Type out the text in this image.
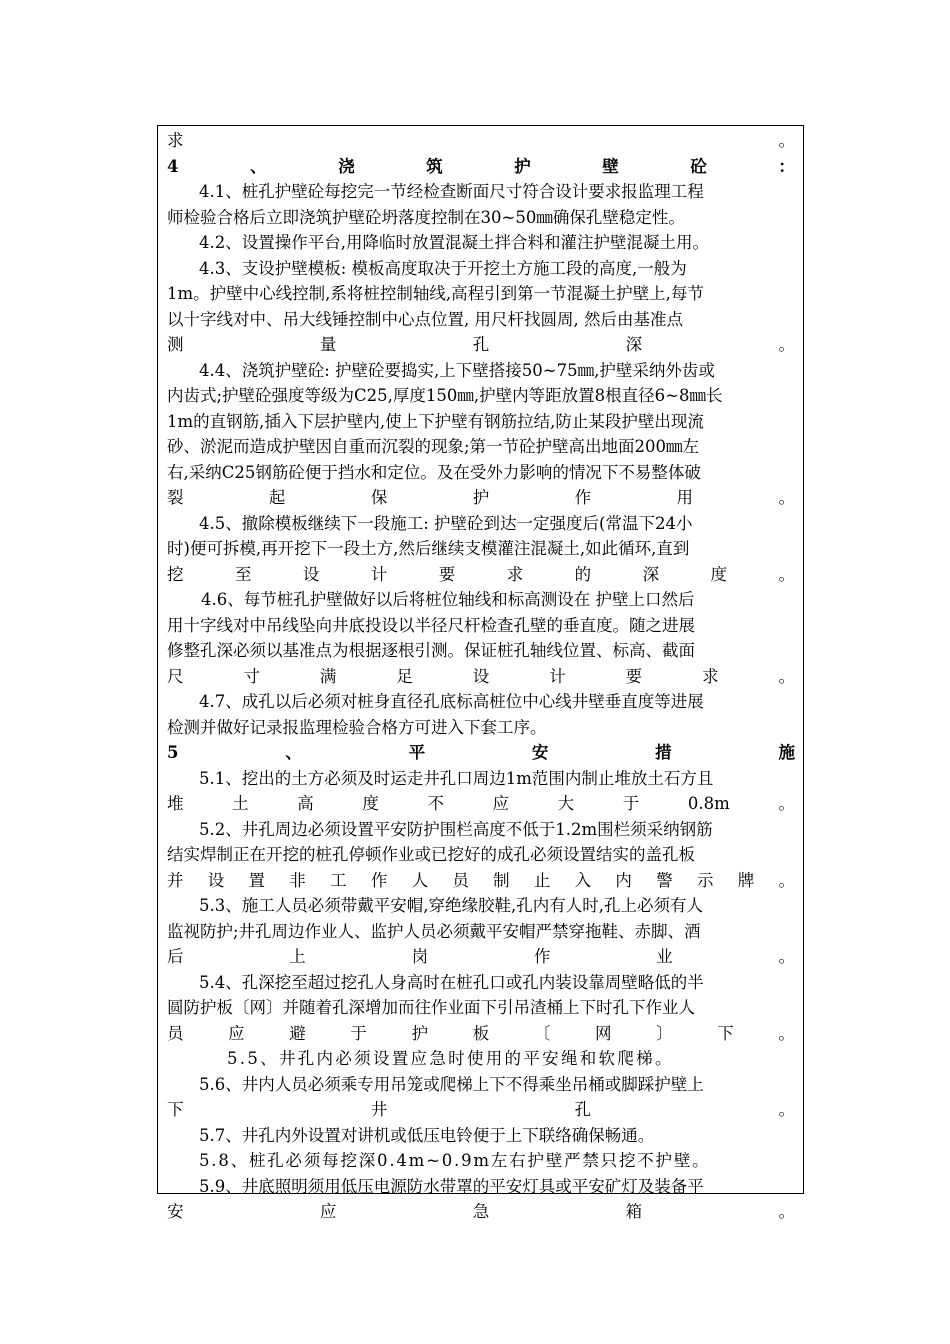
求	。
4	、	浇	筑	护	壁	砼	：
4.1、桩孔护壁砼每挖完一节经检查断面尺寸符合设计要求报监理工程
师检验合格后立即浇筑护壁砼坍落度控制在30~50㎜确保孔壁稳定性。
4.2、设置操作平台,用降临时放置混凝土拌合料和灌注护壁混凝土用。
4.3、支设护壁模板: 模板高度取决于开挖土方施工段的高度,一般为
1m。护壁中心线控制,系将桩控制轴线,高程引到第一节混凝土护壁上,每节
以十字线对中、吊大线锤控制中心点位置, 用尺杆找圆周, 然后由基准点
测	量	孔	深	。
4.4、浇筑护壁砼: 护壁砼要捣实,上下壁搭接50~75㎜,护壁采纳外齿或
内齿式;护壁砼强度等级为C25,厚度150㎜,护壁内等距放置8根直径6~8㎜长
1m的直钢筋,插入下层护壁内,使上下护壁有钢筋拉结,防止某段护壁出现流
砂、淤泥而造成护壁因自重而沉裂的现象;第一节砼护壁高出地面200㎜左
右,采纳C25钢筋砼便于挡水和定位。及在受外力影响的情况下不易整体破
裂	起	保	护	作	用	。
4.5、撤除模板继续下一段施工: 护壁砼到达一定强度后(常温下24小
时)便可拆模,再开挖下一段土方,然后继续支模灌注混凝土,如此循环,直到
挖	至	设	计	要	求	的	深	度	。
4.6、每节桩孔护壁做好以后将桩位轴线和标高测设在 护壁上口然后
用十字线对中吊线坠向井底投设以半径尺杆检查孔壁的垂直度。随之进展
修整孔深必须以基准点为根据逐根引测。保证桩孔轴线位置、标高、截面
尺	寸	满	足	设	计	要	求	。
4.7、成孔以后必须对桩身直径孔底标高桩位中心线井壁垂直度等进展
检测并做好记录报监理检验合格方可进入下套工序。
5	、	平	安	措	施
5.1、挖出的土方必须及时运走井孔口周边1m范围内制止堆放土石方且
堆	土	高	度	不	应	大	于	0.8m	。
5.2、井孔周边必须设置平安防护围栏高度不低于1.2m围栏须采纳钢筋
结实焊制正在开挖的桩孔停顿作业或已挖好的成孔必须设置结实的盖孔板
并 设 置 非 工 作 人 员 制 止 入 内 警 示 牌 。
5.3、施工人员必须带戴平安帽,穿绝缘胶鞋,孔内有人时,孔上必须有人
监视防护;井孔周边作业人、监护人员必须戴平安帽严禁穿拖鞋、赤脚、酒
后	上	岗	作	业	。
5.4、孔深挖至超过挖孔人身高时在桩孔口或孔内装设靠周壁略低的半
圆防护板〔网〕并随着孔深增加而往作业面下引吊渣桶上下时孔下作业人
员	应	避	于	护	板	〔	网	〕	下	。
5.5、井孔内必须设置应急时使用的平安绳和软爬梯。
5.6、井内人员必须乘专用吊笼或爬梯上下不得乘坐吊桶或脚踩护壁上
下	井	孔	。
5.7、井孔内外设置对讲机或低压电铃便于上下联络确保畅通。
5.8、桩孔必须每挖深0.4m~0.9m左右护壁严禁只挖不护壁。
5.9、井底照明须用低压电源防水带罩的平安灯具或平安矿灯及装备平
安	应	急	箱	。
